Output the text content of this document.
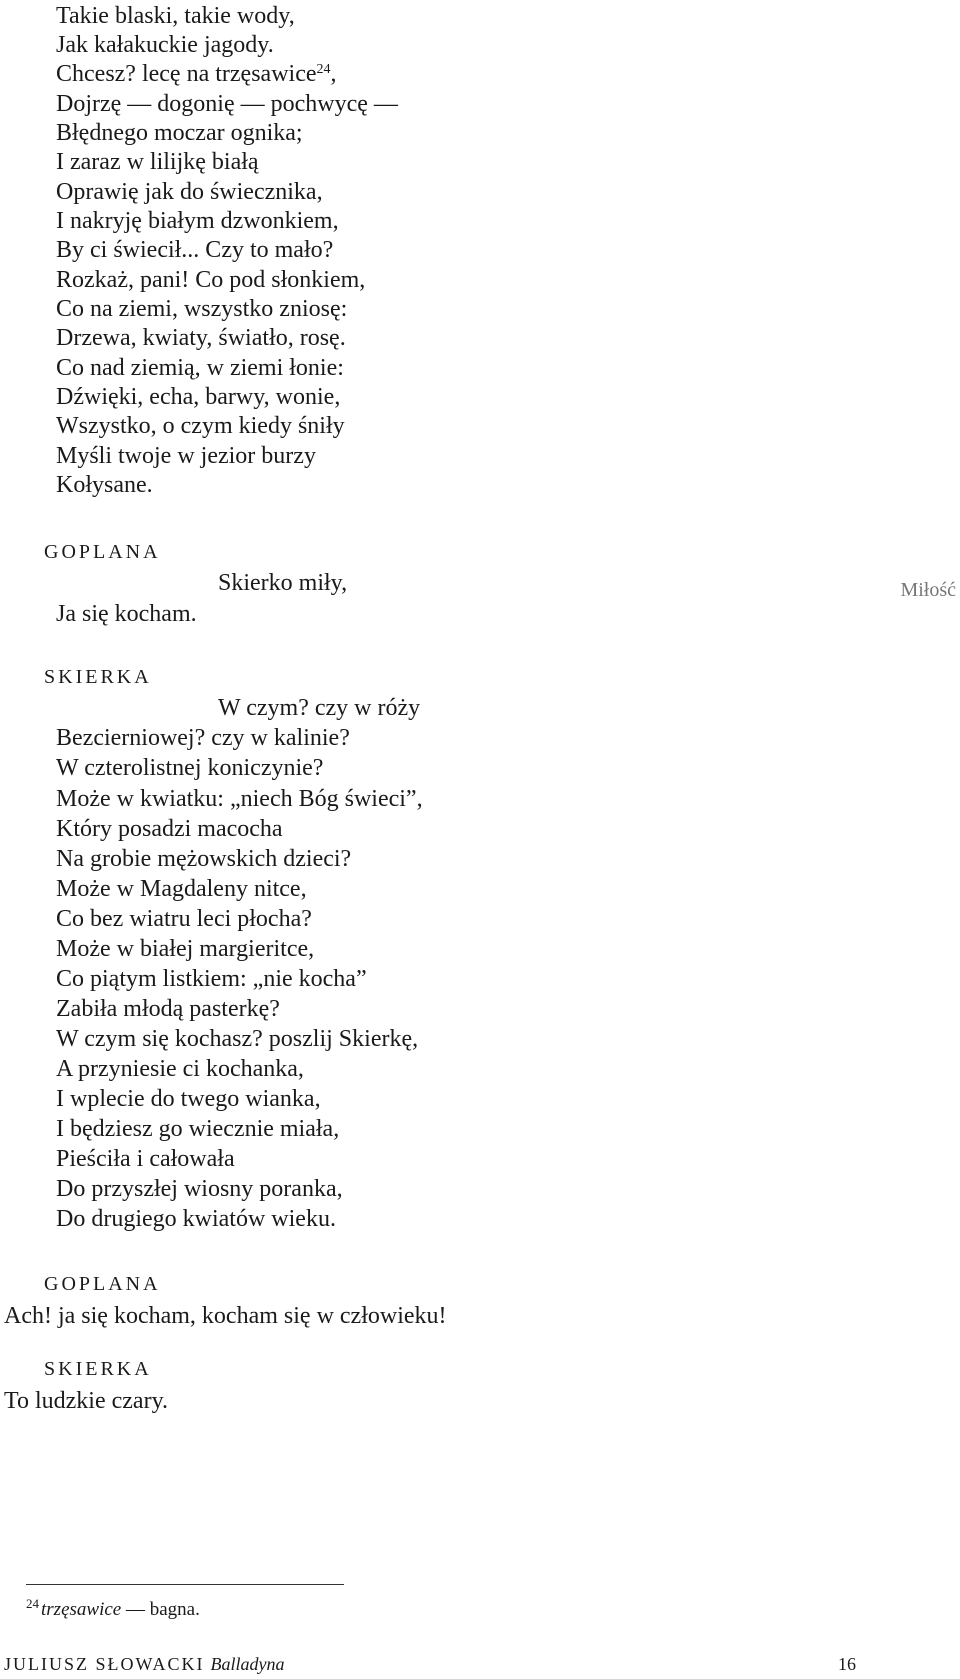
Takie blaski, takie wody,
Jak kałakuckie jagody.
Chcesz? lecę na trzęsawice$^{24}$,
Dojrzę — dogonię — pochwycę —
Błędnego moczar ognika;
I zaraz w lilijkę białą
Oprawię jak do świecznika,
I nakryję białym dzwonkiem,
By ci świecił... Czy to mało?
Rozkaż, pani! Co pod słonkiem,
Co na ziemi, wszystko zniosę:
Drzewa, kwiaty, światło, rosę.
Co nad ziemią, w ziemi łonie:
Dźwięki, echa, barwy, wonie,
Wszystko, o czym kiedy śniły
Myśli twoje w jezior burzy
Kołysane.
GOPLANA
Skierko miły,
Ja się kocham.
Miłość
SKIERKA
W czym? czy w róży
Bezcierniowej? czy w kalinie?
W czterolistnej koniczynie?
Może w kwiatku: „niech Bóg świeci”,
Który posadzi macocha
Na grobie mężowskich dzieci?
Może w Magdaleny nitce,
Co bez wiatru leci płocha?
Może w białej margieritce,
Co piątym listkiem: „nie kocha”
Zabiła młodą pasterkę?
W czym się kochasz? poszlij Skierkę,
A przyniesie ci kochanka,
I wplecie do twego wianka,
I będziesz go wiecznie miała,
Pieściła i całowała
Do przyszłej wiosny poranka,
Do drugiego kwiatów wieku.
GOPLANA
Ach! ja się kocham, kocham się w człowieku!
SKIERKA
To ludzkie czary.
$^{24}$ trzęsawice — bagna.
JULIUSZ SŁOWACKI Balladyna	16
